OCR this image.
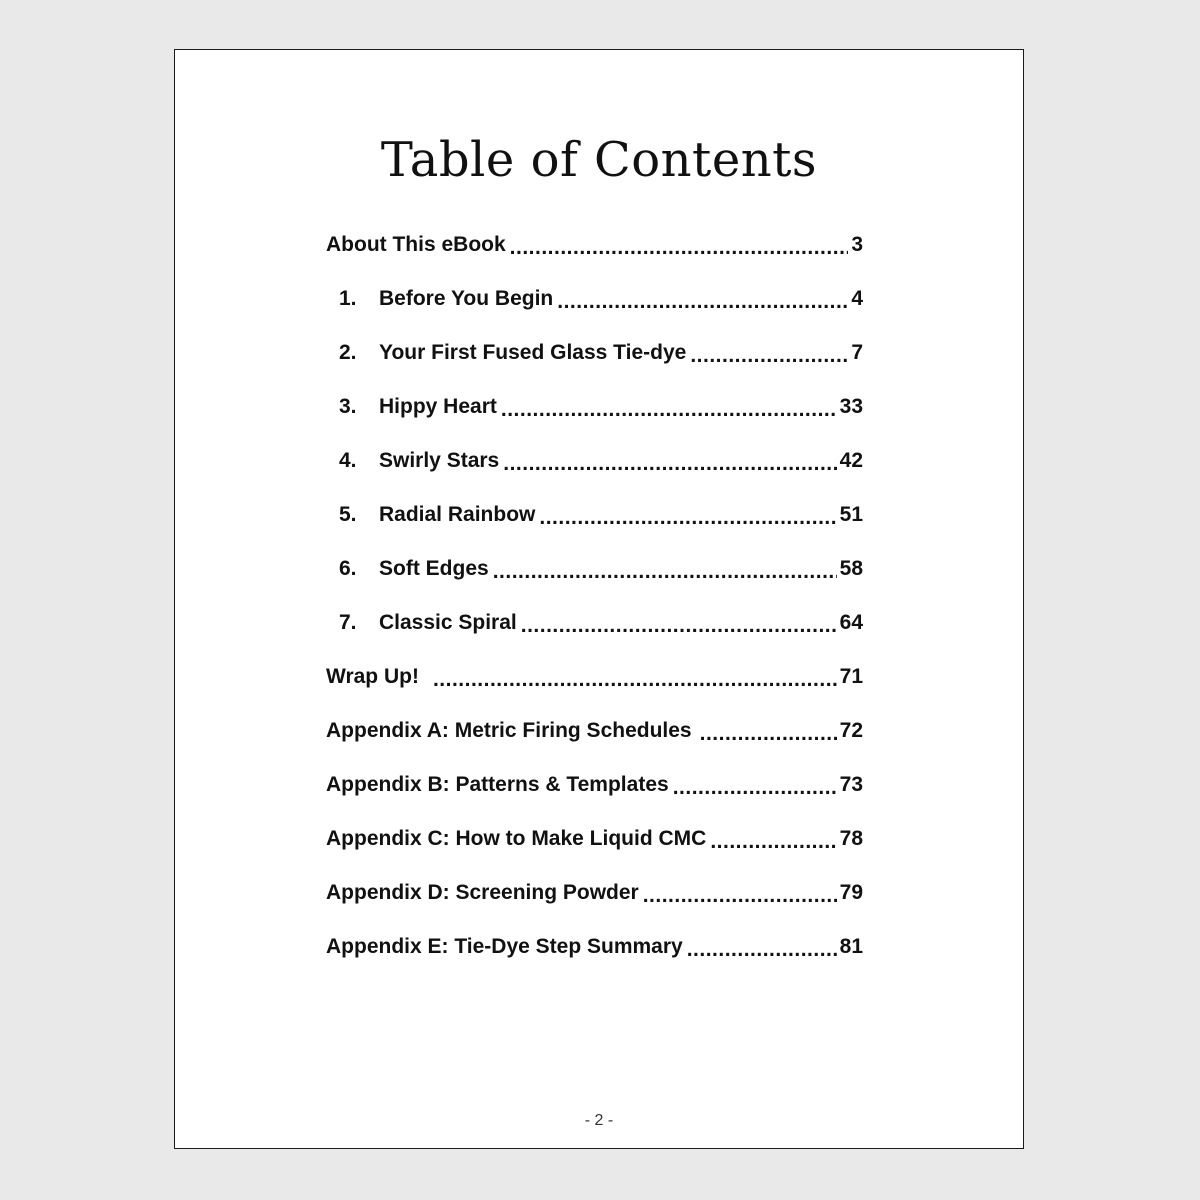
Table of Contents
About This eBook .....	3
1.	Before You Begin .....	4
2.	Your First Fused Glass Tie-dye .....	7
3.	Hippy Heart .....	33
4.	Swirly Stars .....	42
5.	Radial Rainbow .....	51
6.	Soft Edges .....	58
7.	Classic Spiral .....	64
Wrap Up! .....	71
Appendix A: Metric Firing Schedules .....	72
Appendix B: Patterns & Templates .....	73
Appendix C: How to Make Liquid CMC .....	78
Appendix D: Screening Powder .....	79
Appendix E: Tie-Dye Step Summary .....	81
- 2 -
